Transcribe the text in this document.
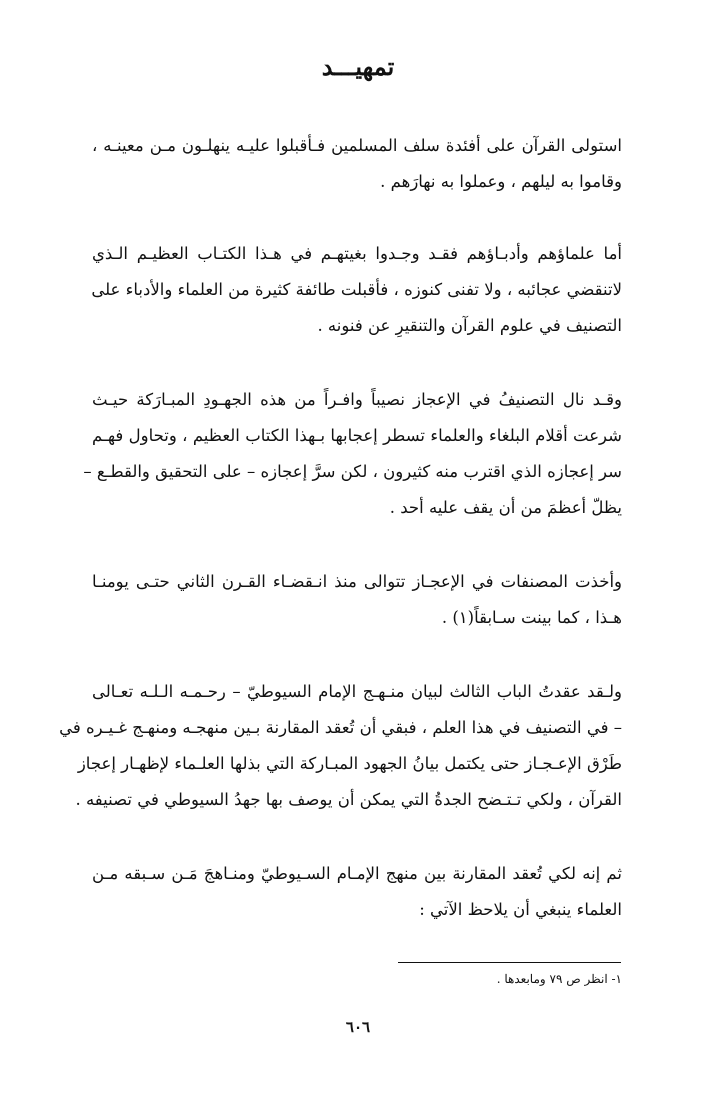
تمهيـــد
استولى القرآن على أفئدة سلف المسلمين فـأقبلوا عليـه ينهلـون مـن معينـه ،
وقاموا به ليلهم ، وعملوا به نهارَهم .
أما علماؤهم وأدبـاؤهم فقـد وجـدوا بغيتهـم في هـذا الكتـاب العظيـم الـذي
لاتنقضي عجائبه ، ولا تفنى كنوزه ، فأقبلت طائفة كثيرة من العلماء والأدباء على
التصنيف في علوم القرآن والتنقيرِ عن فنونه .
وقـد نال التصنيفُ في الإعجاز نصيباً وافـراً من هذه الجهـودِ المبـارَكة حيـث
شرعت أقلام البلغاء والعلماء تسطر إعجابها بـهذا الكتاب العظيم ، وتحاول فهـم
سر إعجازه الذي اقترب منه كثيرون ، لكن سرَّ إعجازه – على التحقيق والقطـع –
يظلّ أعظمَ من أن يقف عليه أحد .
وأخذت المصنفات في الإعجـاز تتوالى منذ انـقضـاء القـرن الثاني حتـى يومنـا
هـذا ، كما بينت سـابقاً(١) .
ولـقد عقدتُ الباب الثالث لبيان منـهـج الإمام السيوطيّ – رحـمـه الـلـه تعـالى
– في التصنيف في هذا العلم ، فبقي أن تُعقد المقارنة بـين منهجـه ومنهـج غـيـره في
طَرْق الإعـجـاز حتى يكتمل بيانُ الجهود المبـاركة التي بذلها العلـماء لإظهـار إعجاز
القرآن ، ولكي تـتـضح الجدةُ التي يمكن أن يوصف بها جهدُ السيوطي في تصنيفه .
ثم إنه لكي تُعقد المقارنة بين منهج الإمـام السـيوطيّ ومنـاهجَ مَـن سـبقه مـن
العلماء ينبغي أن يلاحظ الآتي :
١- انظر ص ٧٩ ومابعدها .
٦٠٦
